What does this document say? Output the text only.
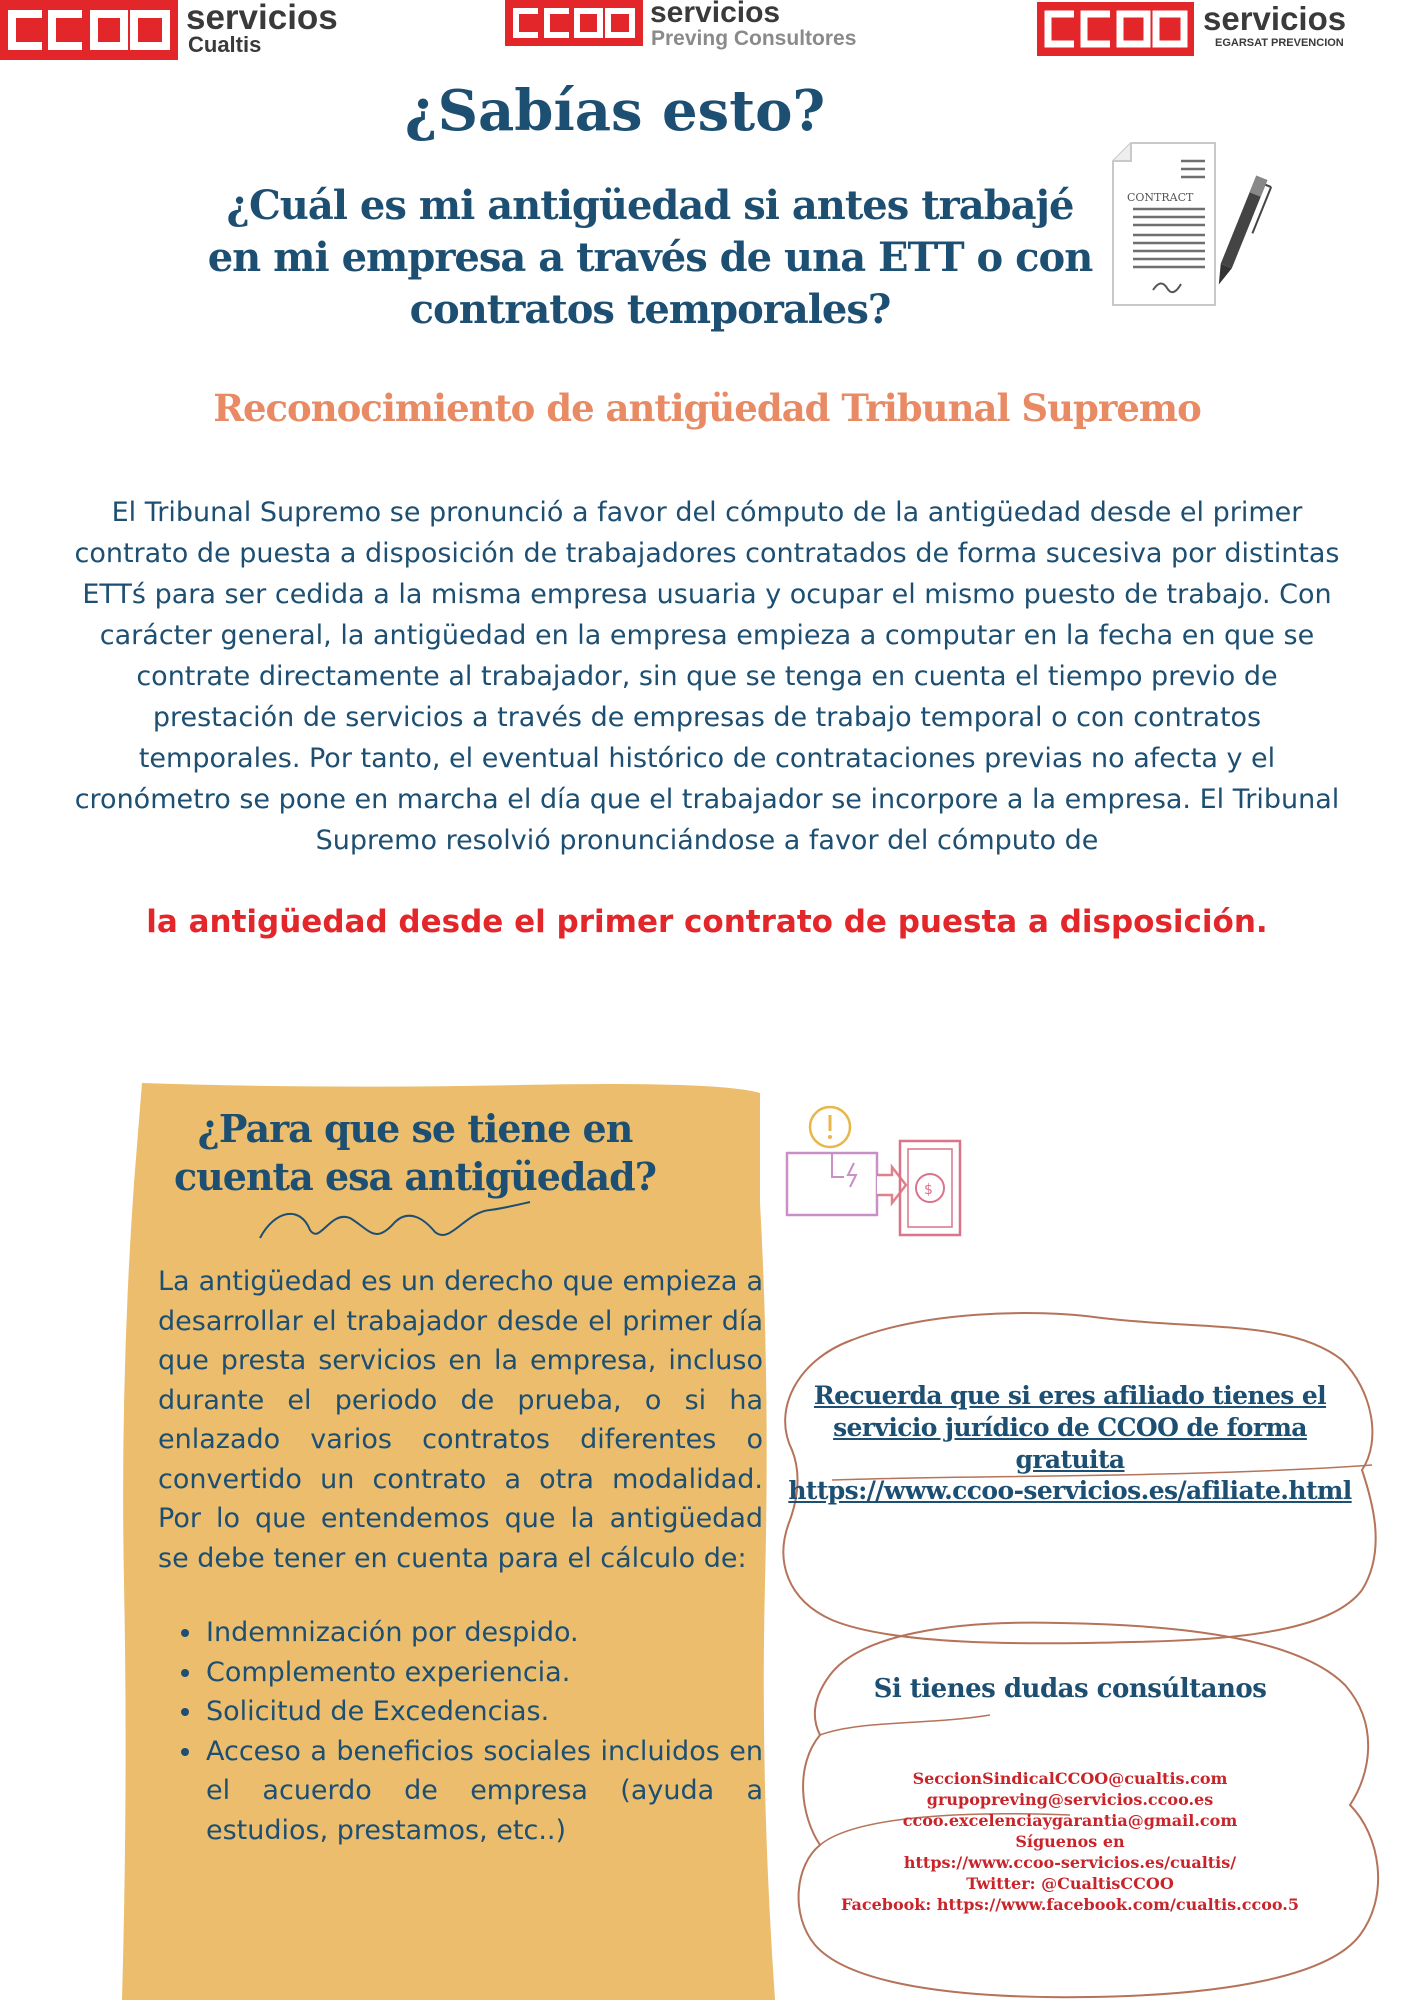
servicios
Cualtis
servicios
Preving Consultores
servicios
EGARSAT PREVENCION
¿Sabías esto?
¿Cuál es mi antigüedad si antes trabajé en mi empresa a través de una ETT o con contratos temporales?
CONTRACT
Reconocimiento de antigüedad Tribunal Supremo
El Tribunal Supremo se pronunció a favor del cómputo de la antigüedad desde el primer contrato de puesta a disposición de trabajadores contratados de forma sucesiva por distintas ETTś para ser cedida a la misma empresa usuaria y ocupar el mismo puesto de trabajo. Con carácter general, la antigüedad en la empresa empieza a computar en la fecha en que se contrate directamente al trabajador, sin que se tenga en cuenta el tiempo previo de prestación de servicios a través de empresas de trabajo temporal o con contratos temporales. Por tanto, el eventual histórico de contrataciones previas no afecta y el cronómetro se pone en marcha el día que el trabajador se incorpore a la empresa. El Tribunal Supremo resolvió pronunciándose a favor del cómputo de
la antigüedad desde el primer contrato de puesta a disposición.
¿Para que se tiene en cuenta esa antigüedad?
La antigüedad es un derecho que empieza a desarrollar el trabajador desde el primer día que presta servicios en la empresa, incluso durante el periodo de prueba, o si ha enlazado varios contratos diferentes o convertido un contrato a otra modalidad. Por lo que entendemos que la antigüedad se debe tener en cuenta para el cálculo de:
• Indemnización por despido.
• Complemento experiencia.
• Solicitud de Excedencias.
• Acceso a beneficios sociales incluidos en el acuerdo de empresa (ayuda a estudios, prestamos, etc..)
$
Recuerda que si eres afiliado tienes el servicio jurídico de CCOO de forma gratuita
https://www.ccoo-servicios.es/afiliate.html
Si tienes dudas consúltanos
SeccionSindicalCCOO@cualtis.com
grupopreving@servicios.ccoo.es
ccoo.excelenciaygarantia@gmail.com
Síguenos en
https://www.ccoo-servicios.es/cualtis/
Twitter: @CualtisCCOO
Facebook: https://www.facebook.com/cualtis.ccoo.5
